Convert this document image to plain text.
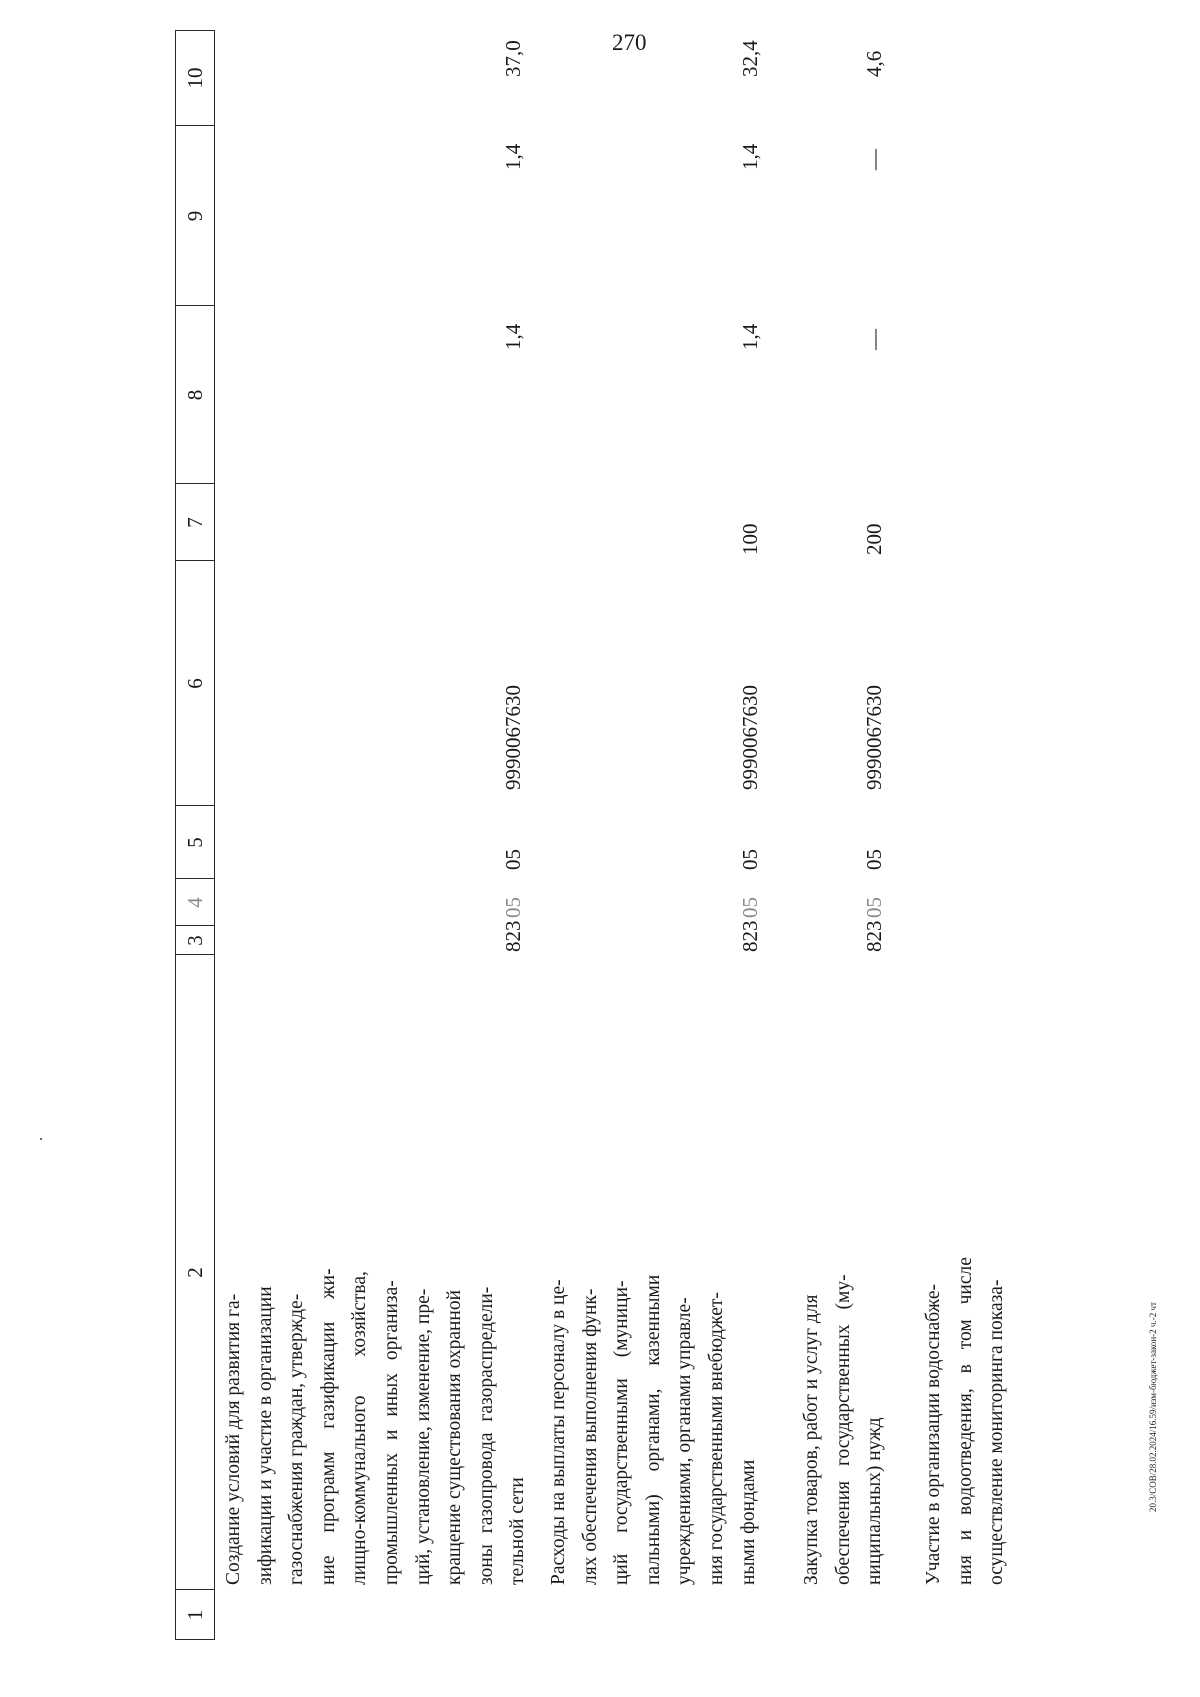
270
20.3/СОВ/28.02.2024/16.59/изм-бюджет-закон-2 ч.-2 чт
1
2
3
4
5
6
7
8
9
10
Создание условий для развития га- зификации и участие в организации газоснабжения граждан, утвержде- ние программ газификации жи- лищно-коммунального хозяйства, промышленных и иных организа- ций, установление, изменение, пре- кращение существования охранной зоны газопровода газораспредели- тельной сети
823
05
05
9990067630
1,4
1,4
37,0
Расходы на выплаты персоналу в це- лях обеспечения выполнения функ- ций государственными (муници- пальными) органами, казенными учреждениями, органами управле- ния государственными внебюджет- ными фондами
823
05
05
9990067630
100
1,4
1,4
32,4
Закупка товаров, работ и услуг для обеспечения государственных (му- ниципальных) нужд
823
05
05
9990067630
200
—
—
4,6
Участие в организации водоснабже- ния и водоотведения, в том числе осуществление мониторинга показа-
